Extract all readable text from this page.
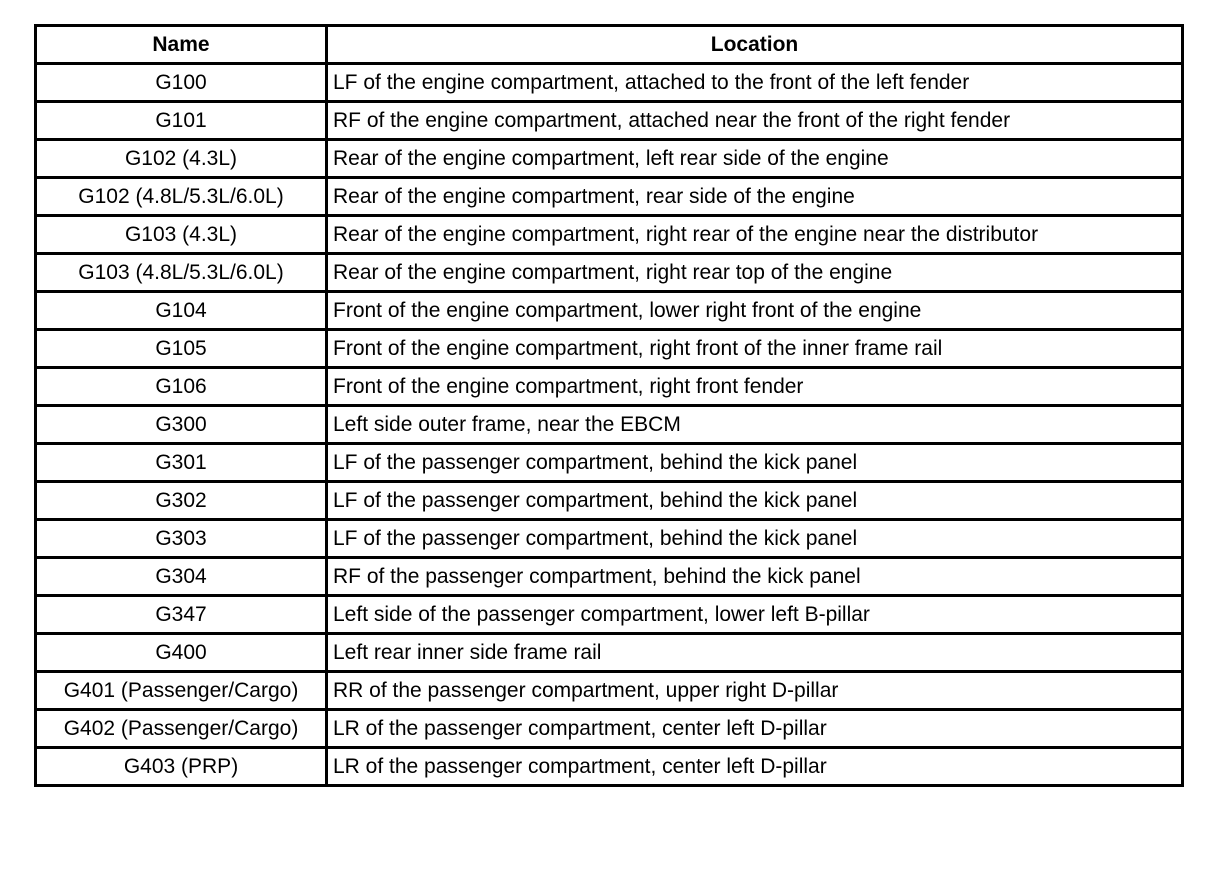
Name	Location
G100	LF of the engine compartment, attached to the front of the left fender
G101	RF of the engine compartment, attached near the front of the right fender
G102 (4.3L)	Rear of the engine compartment, left rear side of the engine
G102 (4.8L/5.3L/6.0L)	Rear of the engine compartment, rear side of the engine
G103 (4.3L)	Rear of the engine compartment, right rear of the engine near the distributor
G103 (4.8L/5.3L/6.0L)	Rear of the engine compartment, right rear top of the engine
G104	Front of the engine compartment, lower right front of the engine
G105	Front of the engine compartment, right front of the inner frame rail
G106	Front of the engine compartment, right front fender
G300	Left side outer frame, near the EBCM
G301	LF of the passenger compartment, behind the kick panel
G302	LF of the passenger compartment, behind the kick panel
G303	LF of the passenger compartment, behind the kick panel
G304	RF of the passenger compartment, behind the kick panel
G347	Left side of the passenger compartment, lower left B-pillar
G400	Left rear inner side frame rail
G401 (Passenger/Cargo)	RR of the passenger compartment, upper right D-pillar
G402 (Passenger/Cargo)	LR of the passenger compartment, center left D-pillar
G403 (PRP)	LR of the passenger compartment, center left D-pillar
